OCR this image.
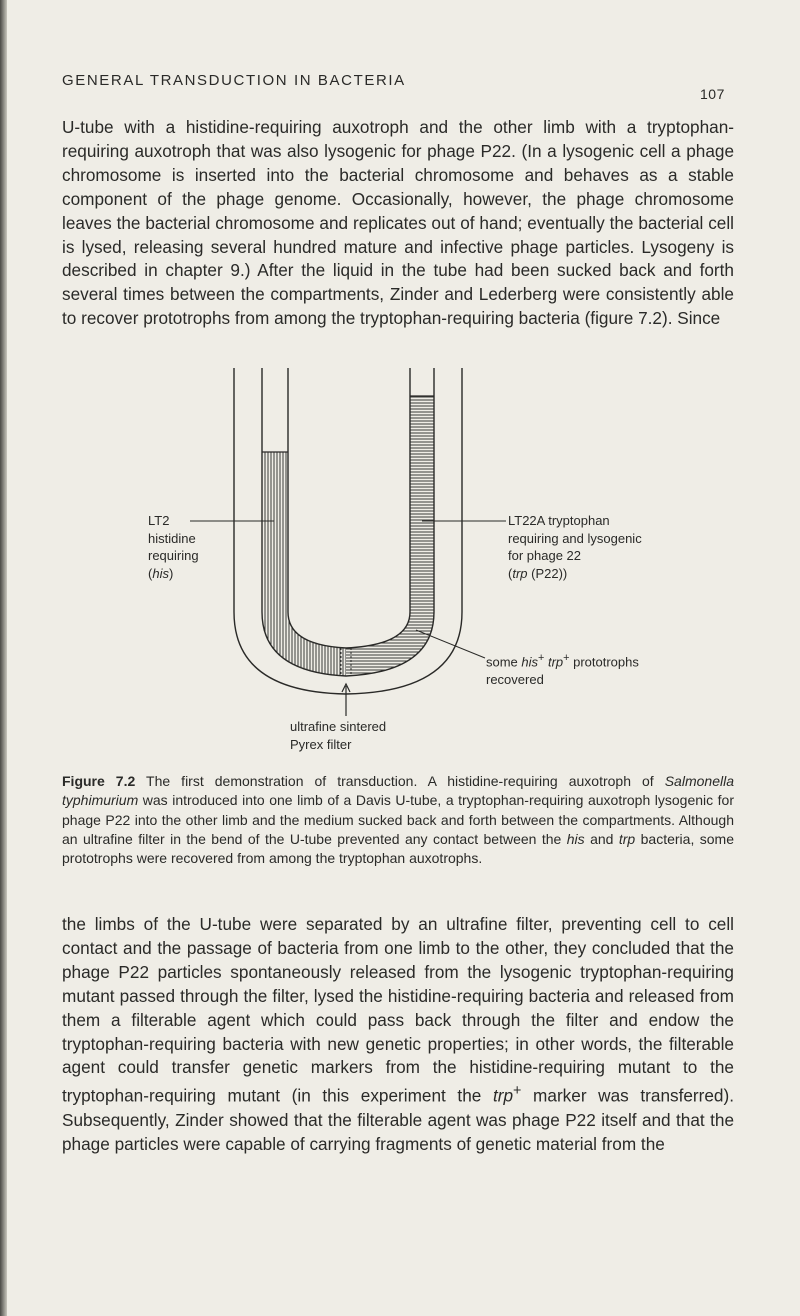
GENERAL TRANSDUCTION IN BACTERIA
107
U-tube with a histidine-requiring auxotroph and the other limb with a tryptophan-requiring auxotroph that was also lysogenic for phage P22. (In a lysogenic cell a phage chromosome is inserted into the bacterial chromosome and behaves as a stable component of the phage genome. Occasionally, however, the phage chromosome leaves the bacterial chromosome and replicates out of hand; eventually the bacterial cell is lysed, releasing several hundred mature and infective phage particles. Lysogeny is described in chapter 9.) After the liquid in the tube had been sucked back and forth several times between the compartments, Zinder and Lederberg were consistently able to recover prototrophs from among the tryptophan-requiring bacteria (figure 7.2). Since
LT2
histidine
requiring
(his)
LT22A tryptophan
requiring and lysogenic
for phage 22
(trp (P22))
some his+ trp+ prototrophs
recovered
ultrafine sintered
Pyrex filter
Figure 7.2 The first demonstration of transduction. A histidine-requiring auxotroph of Salmonella typhimurium was introduced into one limb of a Davis U-tube, a tryptophan-requiring auxotroph lysogenic for phage P22 into the other limb and the medium sucked back and forth between the compartments. Although an ultrafine filter in the bend of the U-tube prevented any contact between the his and trp bacteria, some prototrophs were recovered from among the tryptophan auxotrophs.
the limbs of the U-tube were separated by an ultrafine filter, preventing cell to cell contact and the passage of bacteria from one limb to the other, they concluded that the phage P22 particles spontaneously released from the lysogenic tryptophan-requiring mutant passed through the filter, lysed the histidine-requiring bacteria and released from them a filterable agent which could pass back through the filter and endow the tryptophan-requiring bacteria with new genetic properties; in other words, the filterable agent could transfer genetic markers from the histidine-requiring mutant to the tryptophan-requiring mutant (in this experiment the trp+ marker was transferred). Subsequently, Zinder showed that the filterable agent was phage P22 itself and that the phage particles were capable of carrying fragments of genetic material from the
